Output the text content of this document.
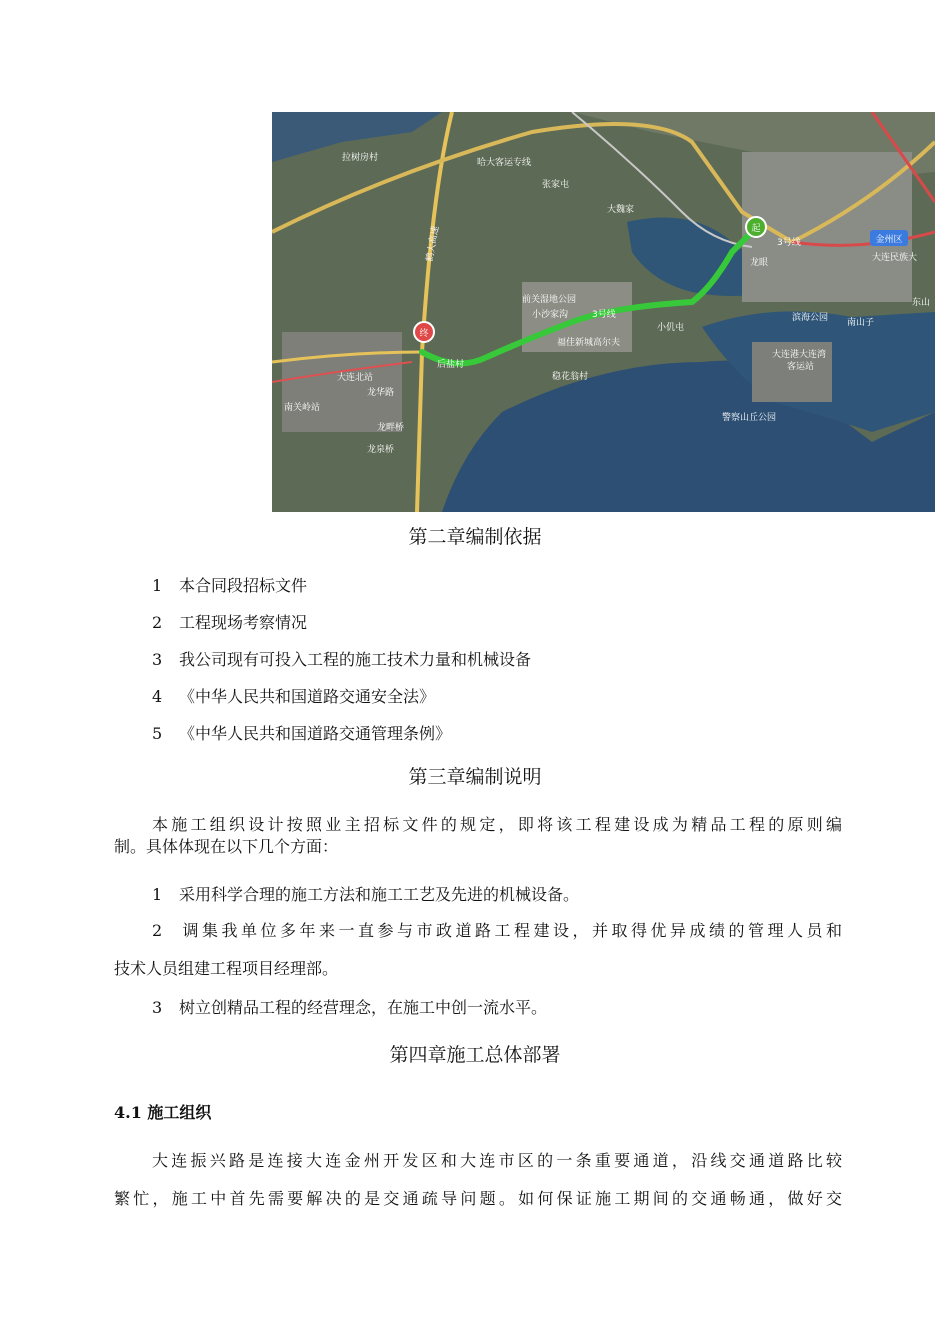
起
终
金州区
龙眼	大连民族大
东山
南山子
滨海公园
大连港大连湾
客运站
前关湿地公园
小沙家沟	3号线
福佳新城高尔夫
小仉屯
稳花翁村
后盐村
大连北站
龙华路
南关岭站
龙畔桥
龙泉桥
哈大客运专线
张家屯
大魏家
拉树房村
鹤大高速	3号线
警察山丘公园
第二章编制依据
1 本合同段招标文件
2 工程现场考察情况
3 我公司现有可投入工程的施工技术力量和机械设备
4 《中华人民共和国道路交通安全法》
5 《中华人民共和国道路交通管理条例》
第三章编制说明
本施工组织设计按照业主招标文件的规定，即将该工程建设成为精品工程的原则编
制。具体体现在以下几个方面：
1 采用科学合理的施工方法和施工工艺及先进的机械设备。
2 调集我单位多年来一直参与市政道路工程建设，并取得优异成绩的管理人员和
技术人员组建工程项目经理部。
3 树立创精品工程的经营理念，在施工中创一流水平。
第四章施工总体部署
4.1 施工组织
大连振兴路是连接大连金州开发区和大连市区的一条重要通道，沿线交通道路比较
繁忙，施工中首先需要解决的是交通疏导问题。如何保证施工期间的交通畅通，做好交
